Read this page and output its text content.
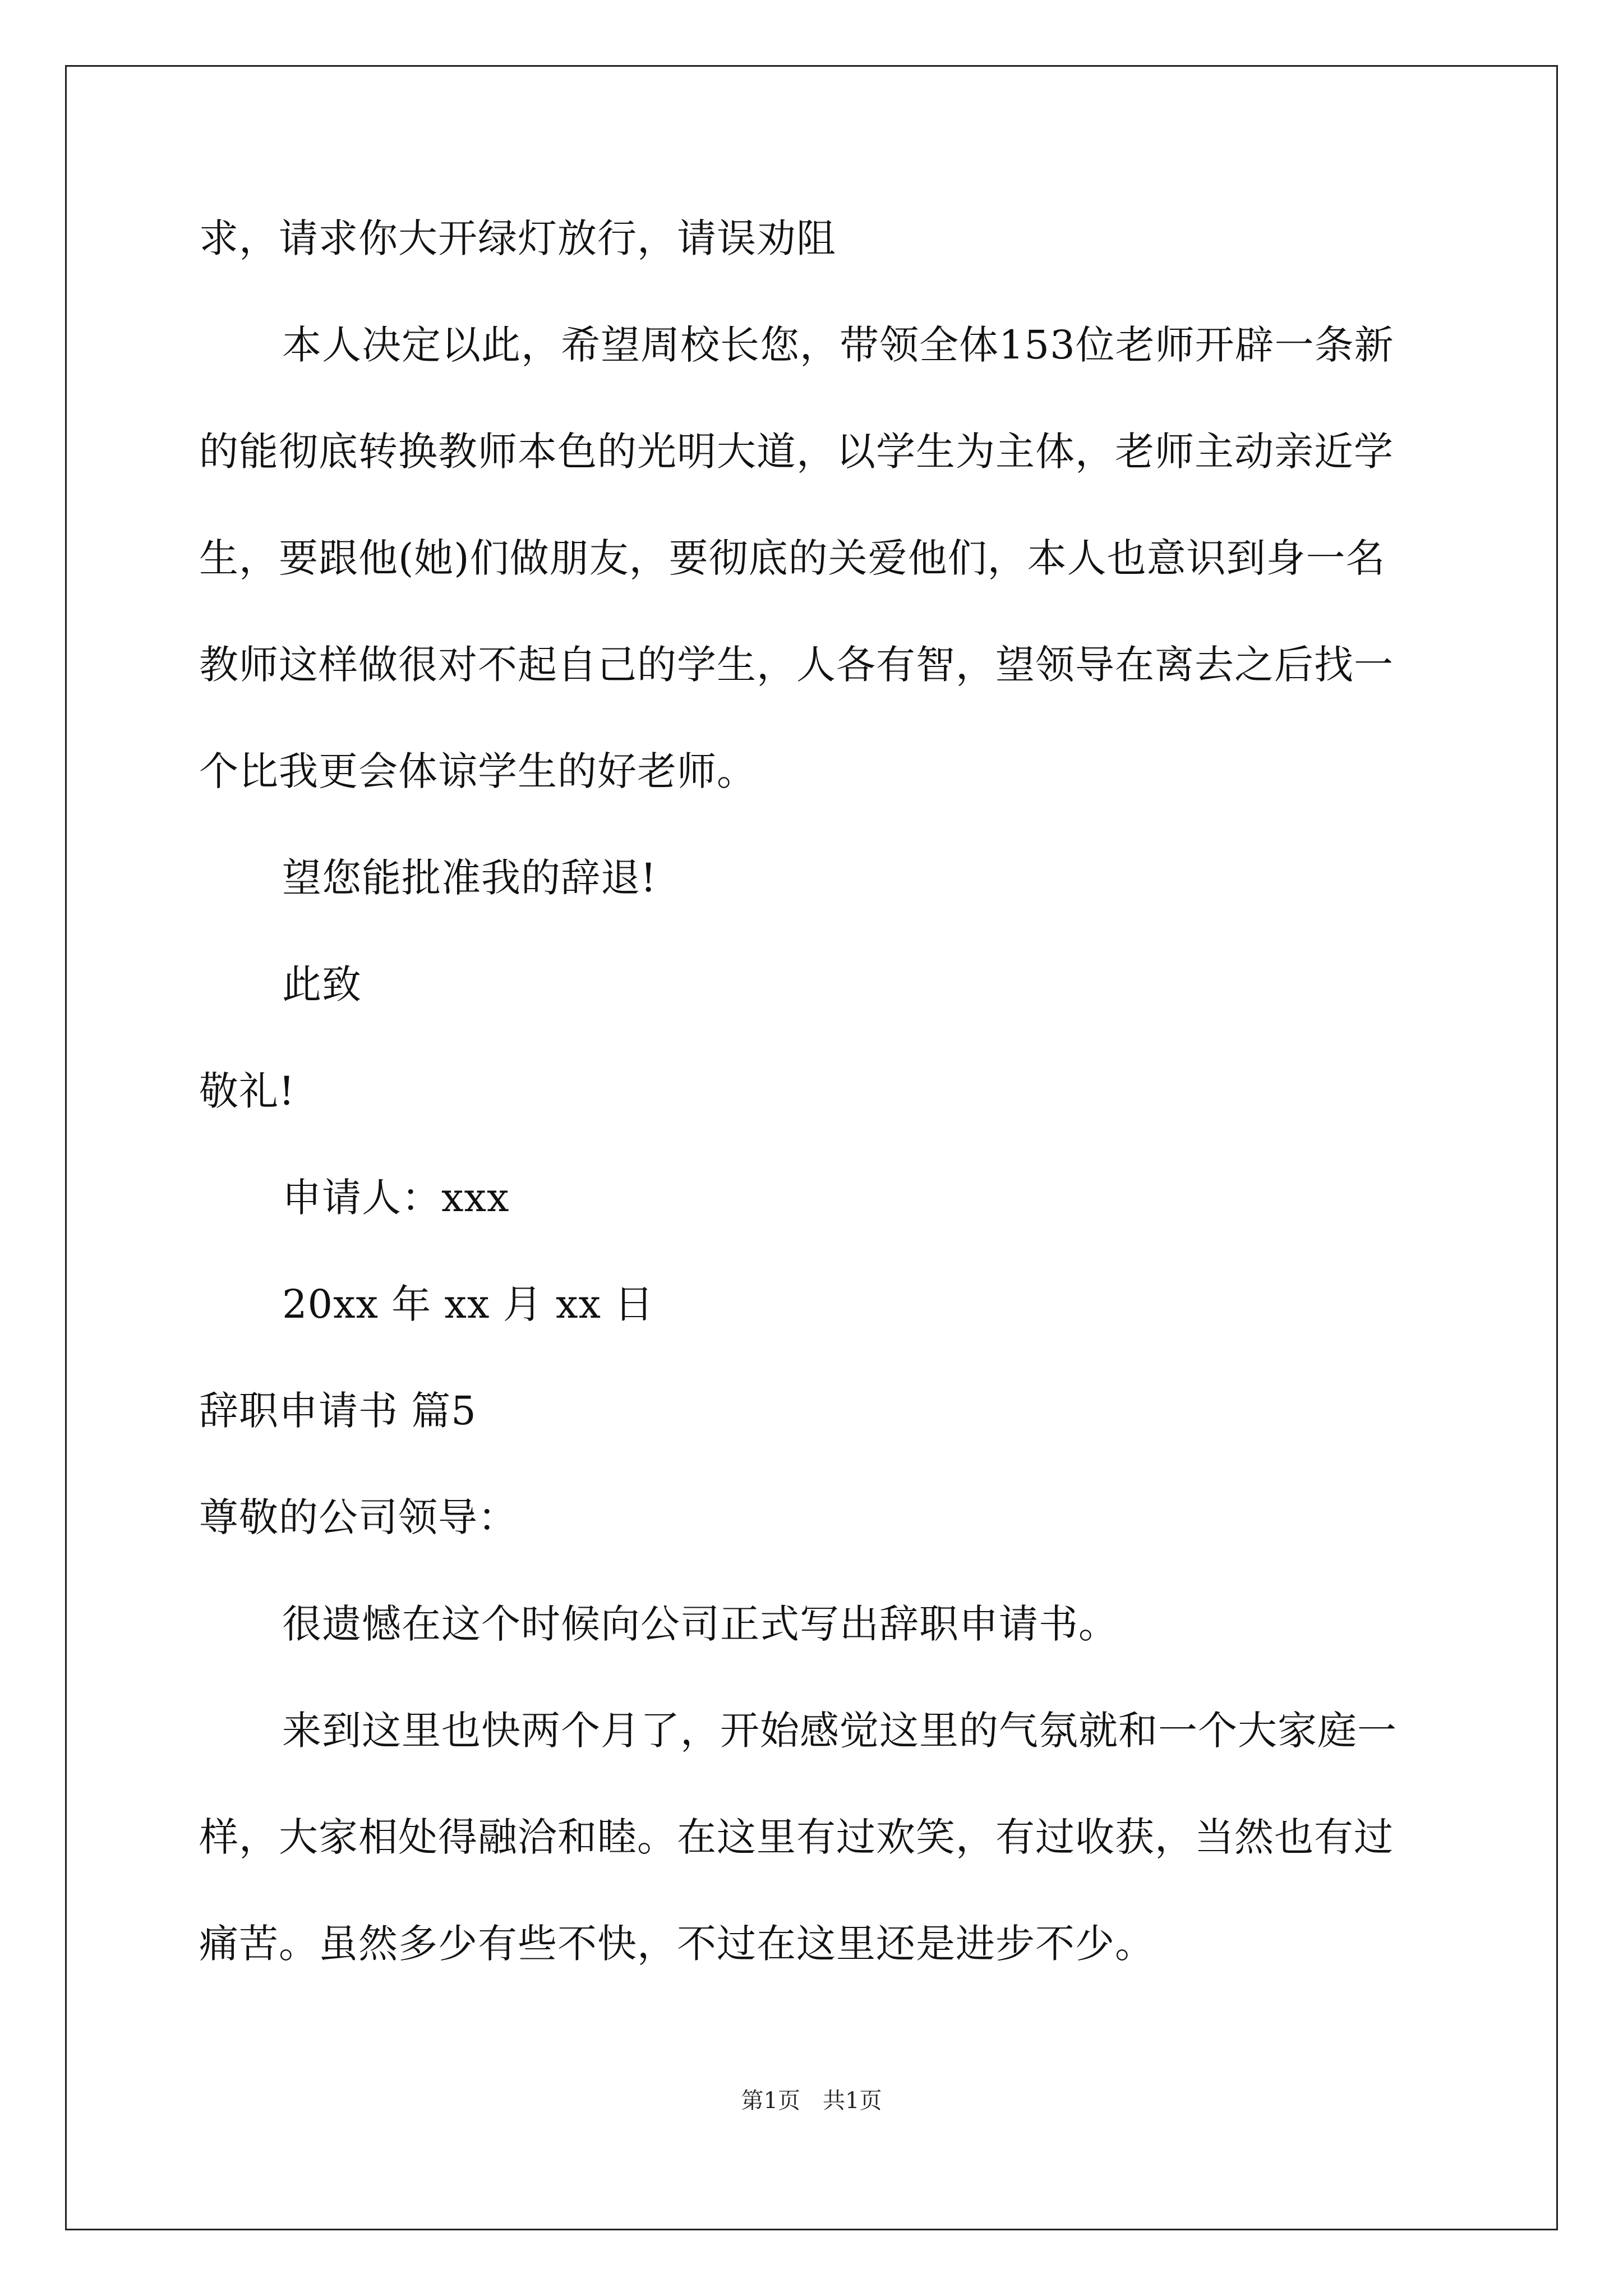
求，请求你大开绿灯放行，请误劝阻
本人决定以此，希望周校长您，带领全体153位老师开辟一条新
的能彻底转换教师本色的光明大道，以学生为主体，老师主动亲近学
生，要跟他(她)们做朋友，要彻底的关爱他们，本人也意识到身一名
教师这样做很对不起自己的学生，人各有智，望领导在离去之后找一
个比我更会体谅学生的好老师。
望您能批准我的辞退!
此致
敬礼!
申请人：xxx
20xx 年 xx 月 xx 日
辞职申请书 篇5
尊敬的公司领导：
很遗憾在这个时候向公司正式写出辞职申请书。
来到这里也快两个月了，开始感觉这里的气氛就和一个大家庭一
样，大家相处得融洽和睦。在这里有过欢笑，有过收获，当然也有过
痛苦。虽然多少有些不快，不过在这里还是进步不少。
第1页　共1页
